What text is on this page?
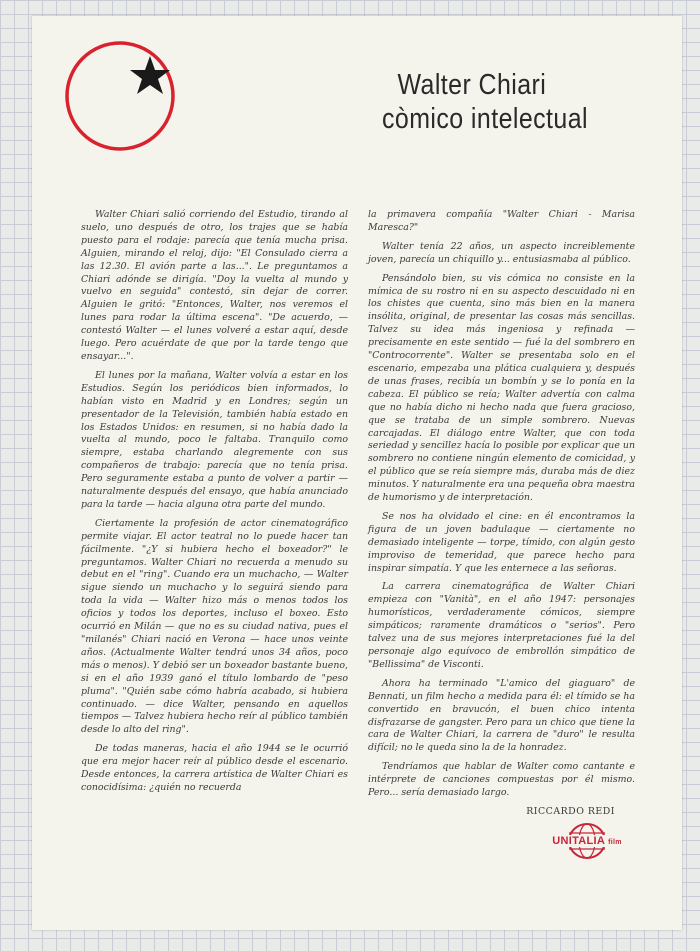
Walter Chiari
còmico intelectual

Walter Chiari salió corriendo del Estudio, tirando al suelo, uno después de otro, los trajes que se había puesto para el rodaje: parecía que tenía mucha prisa. Alguien, mirando el reloj, dijo: "El Consulado cierra a las 12.30. El avión parte a las...". Le preguntamos a Chiari adónde se dirigía. "Doy la vuelta al mundo y vuelvo en seguida" contestó, sin dejar de correr. Alguien le gritó: "Entonces, Walter, nos veremos el lunes para rodar la última escena". "De acuerdo, — contestó Walter — el lunes volveré a estar aquí, desde luego. Pero acuérdate de que por la tarde tengo que ensayar...".

El lunes por la mañana, Walter volvía a estar en los Estudios. Según los periódicos bien informados, lo habían visto en Madrid y en Londres; según un presentador de la Televisión, también había estado en los Estados Unidos: en resumen, si no había dado la vuelta al mundo, poco le faltaba. Tranquilo como siempre, estaba charlando alegremente con sus compañeros de trabajo: parecía que no tenía prisa. Pero seguramente estaba a punto de volver a partir — naturalmente después del ensayo, que había anunciado para la tarde — hacia alguna otra parte del mundo.

Ciertamente la profesión de actor cinematográfico permite viajar. El actor teatral no lo puede hacer tan fácilmente. "¿Y si hubiera hecho el boxeador?" le preguntamos. Walter Chiari no recuerda a menudo su debut en el "ring". Cuando era un muchacho, — Walter sigue siendo un muchacho y lo seguirá siendo para toda la vida — Walter hizo más o menos todos los oficios y todos los deportes, incluso el boxeo. Esto ocurrió en Milán — que no es su ciudad nativa, pues el "milanés" Chiari nació en Verona — hace unos veinte años. (Actualmente Walter tendrá unos 34 años, poco más o menos). Y debió ser un boxeador bastante bueno, si en el año 1939 ganó el título lombardo de "peso pluma". "Quién sabe cómo habría acabado, si hubiera continuado. — dice Walter, pensando en aquellos tiempos — Talvez hubiera hecho reír al público también desde lo alto del ring".

De todas maneras, hacia el año 1944 se le ocurrió que era mejor hacer reír al público desde el escenario. Desde entonces, la carrera artística de Walter Chiari es conocidísima: ¿quién no recuerda

la primavera compañía "Walter Chiari - Marisa Maresca?"

Walter tenía 22 años, un aspecto increiblemente joven, parecía un chiquillo y... entusiasmaba al público.

Pensándolo bien, su vis cómica no consiste en la mímica de su rostro ni en su aspecto descuidado ni en los chistes que cuenta, sino más bien en la manera insólita, original, de presentar las cosas más sencillas. Talvez su idea más ingeniosa y refinada — precisamente en este sentido — fué la del sombrero en "Controcorrente". Walter se presentaba solo en el escenario, empezaba una plática cualquiera y, después de unas frases, recibía un bombín y se lo ponía en la cabeza. El público se reía; Walter advertía con calma que no había dicho ni hecho nada que fuera gracioso, que se trataba de un simple sombrero. Nuevas carcajadas. El diálogo entre Walter, que con toda seriedad y sencillez hacía lo posible por explicar que un sombrero no contiene ningún elemento de comicidad, y el público que se reía siempre más, duraba más de diez minutos. Y naturalmente era una pequeña obra maestra de humorismo y de interpretación.

Se nos ha olvidado el cine: en él encontramos la figura de un joven badulaque — ciertamente no demasiado inteligente — torpe, tímido, con algún gesto improviso de temeridad, que parece hecho para inspirar simpatía. Y que les enternece a las señoras.

La carrera cinematográfica de Walter Chiari empieza con "Vanità", en el año 1947: personajes humorísticos, verdaderamente cómicos, siempre simpáticos; raramente dramáticos o "serios". Pero talvez una de sus mejores interpretaciones fué la del personaje algo equívoco de embrollón simpático de "Bellissima" de Visconti.

Ahora ha terminado "L'amico del giaguaro" de Bennati, un film hecho a medida para él: el tímido se ha convertido en bravucón, el buen chico intenta disfrazarse de gangster. Pero para un chico que tiene la cara de Walter Chiari, la carrera de "duro" le resulta difícil; no le queda sino la de la honradez.

Tendríamos que hablar de Walter como cantante e intérprete de canciones compuestas por él mismo. Pero... sería demasiado largo.

RICCARDO REDI
UNITALIA film
